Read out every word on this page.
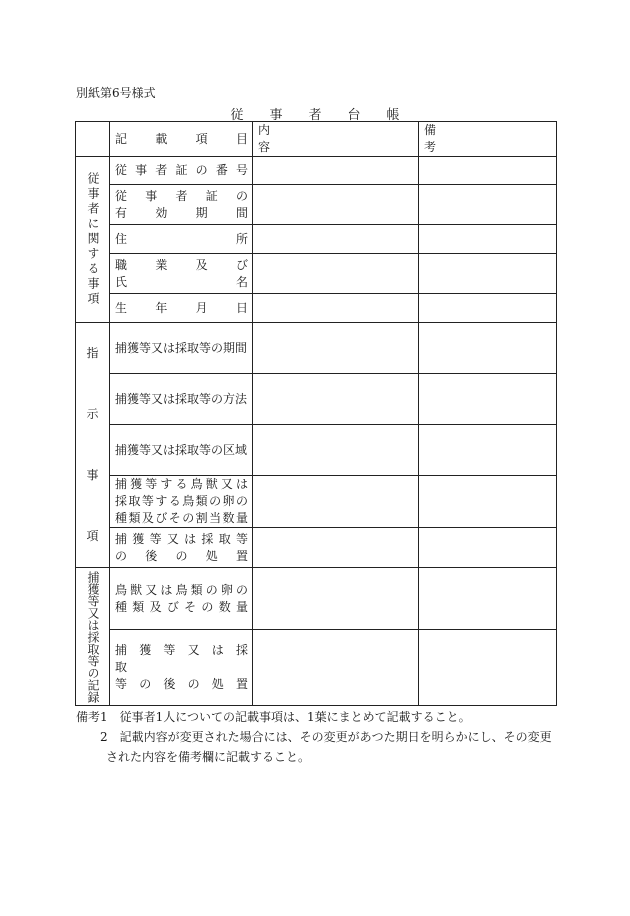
別紙第6号様式
従　　事　　者　　台　　帳
	記　　載　　項　　目	内　　　　　　　　　　　　容	備　　　　　　　　　　　考

従事者に関する事項	従事者証の番号		

	従　事　者　証　の
有　　効　　期　　間		

	住　　　　　　　所		

	職　　業　　及　　び
氏　　　　　　　名		

	生　　年　　月　　日		

指
示
事
項	捕獲等又は採取等の期間		
	捕獲等又は採取等の方法		
	捕獲等又は採取等の区域		

	捕獲等する鳥獣又は
採取等する鳥類の卵の
種類及びその割当数量		

	捕獲等又は採取等
の　後　の　処　置		

捕獲等又は採取等の記録	鳥獣又は鳥類の卵の
種類及びその数量		

	捕　獲　等　又　は　採　取
等　の　後　の　処　置		

備考1　従事者1人についての記載事項は、1葉にまとめて記載すること。
2　記載内容が変更された場合には、その変更があつた期日を明らかにし、その変更
された内容を備考欄に記載すること。
